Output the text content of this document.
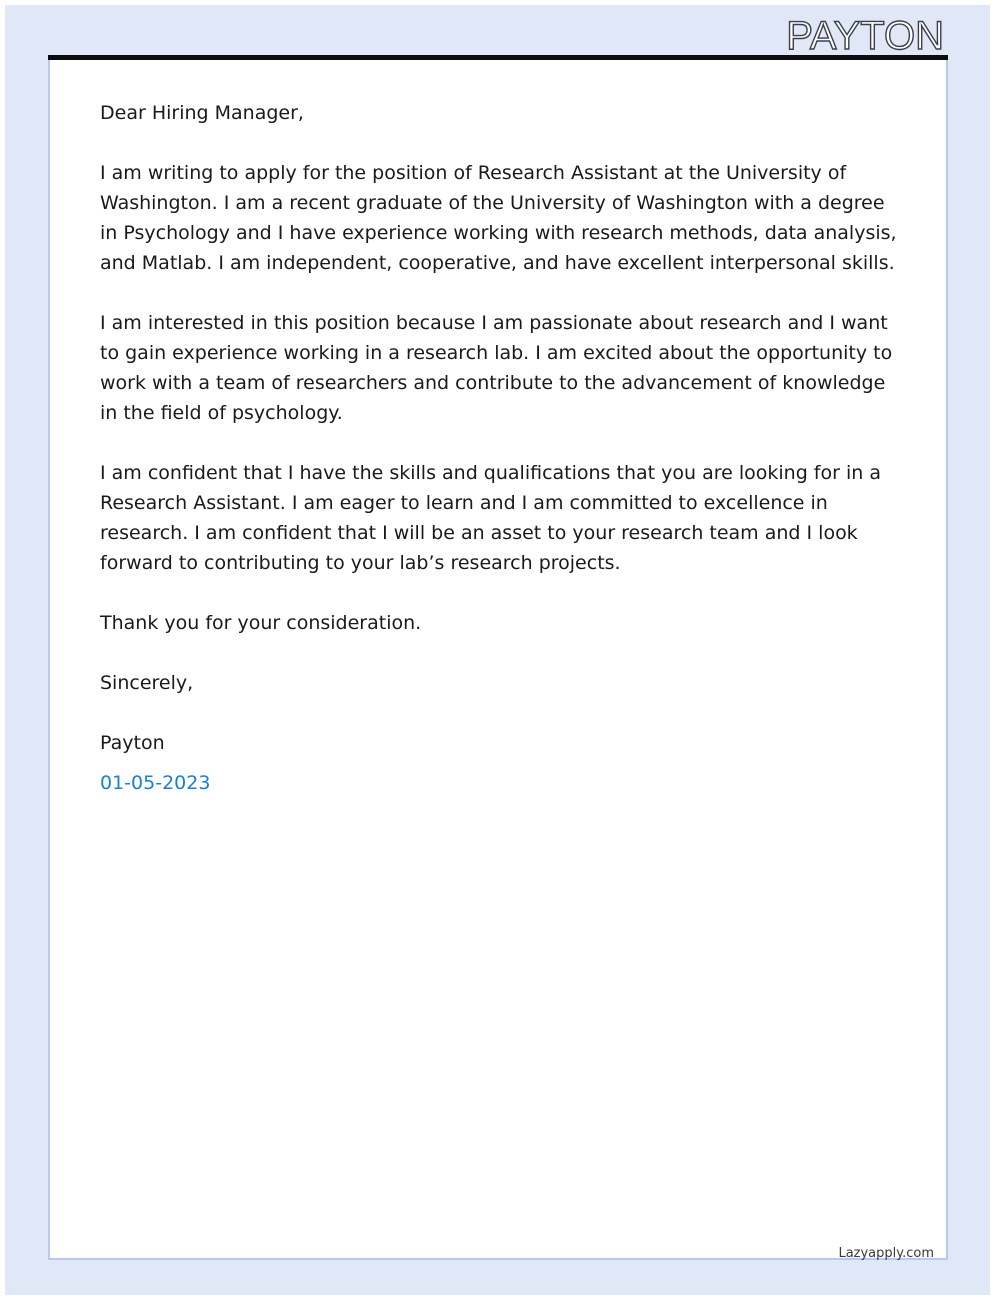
PAYTON

Dear Hiring Manager,

I am writing to apply for the position of Research Assistant at the University of Washington. I am a recent graduate of the University of Washington with a degree in Psychology and I have experience working with research methods, data analysis, and Matlab. I am independent, cooperative, and have excellent interpersonal skills.

I am interested in this position because I am passionate about research and I want to gain experience working in a research lab. I am excited about the opportunity to work with a team of researchers and contribute to the advancement of knowledge in the field of psychology.

I am confident that I have the skills and qualifications that you are looking for in a Research Assistant. I am eager to learn and I am committed to excellence in research. I am confident that I will be an asset to your research team and I look forward to contributing to your lab’s research projects.

Thank you for your consideration.

Sincerely,

Payton

01-05-2023
Lazyapply.com
